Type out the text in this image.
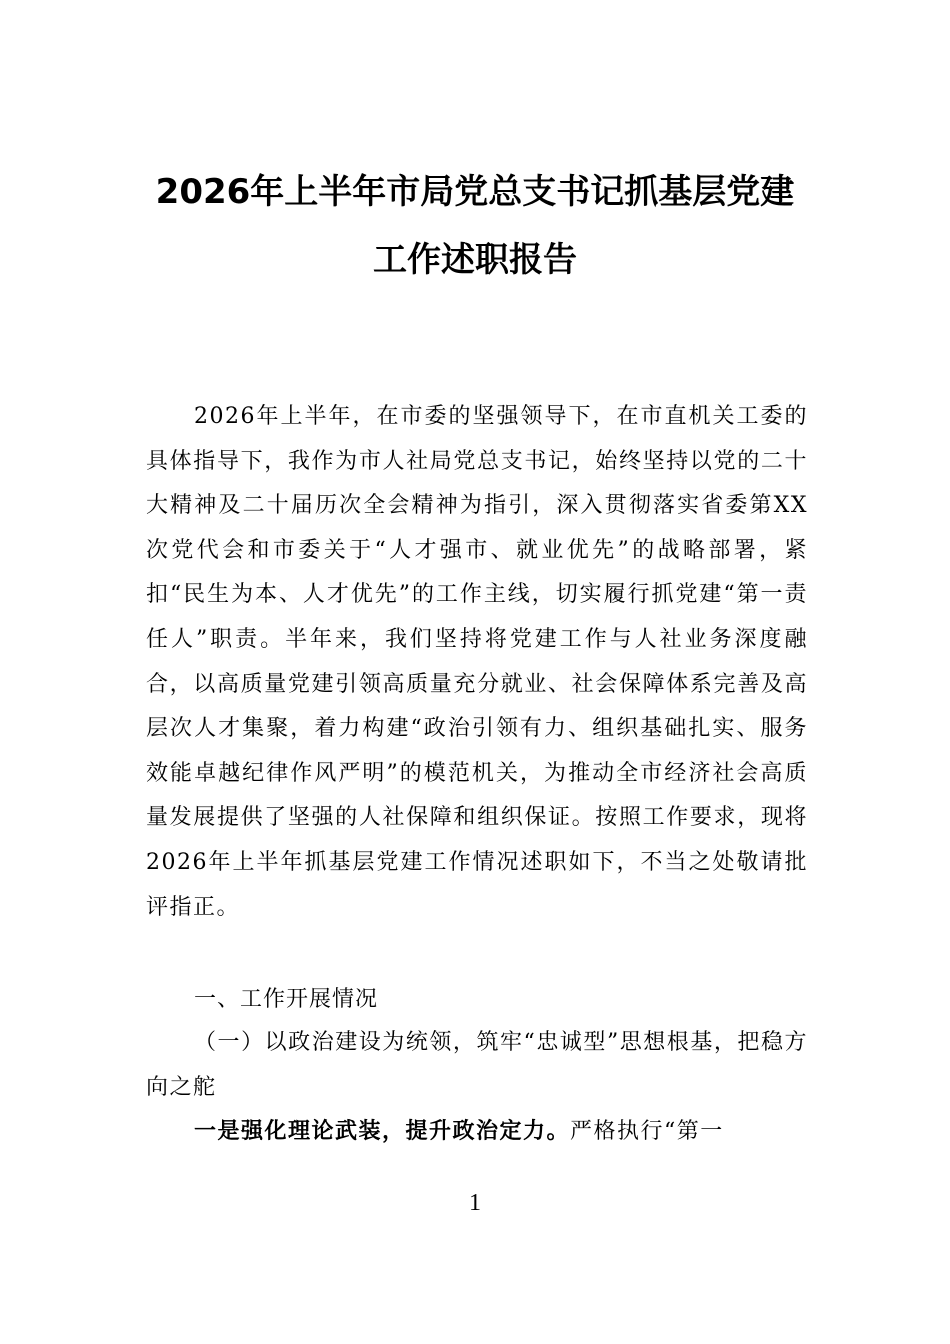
2026年上半年市局党总支书记抓基层党建
工作述职报告
2026年上半年，在市委的坚强领导下，在市直机关工委的具体指导下，我作为市人社局党总支书记，始终坚持以党的二十大精神及二十届历次全会精神为指引，深入贯彻落实省委第XX次党代会和市委关于“人才强市、就业优先”的战略部署，紧扣“民生为本、人才优先”的工作主线，切实履行抓党建“第一责任人”职责。半年来，我们坚持将党建工作与人社业务深度融合，以高质量党建引领高质量充分就业、社会保障体系完善及高层次人才集聚，着力构建“政治引领有力、组织基础扎实、服务效能卓越纪律作风严明”的模范机关，为推动全市经济社会高质量发展提供了坚强的人社保障和组织保证。按照工作要求，现将2026年上半年抓基层党建工作情况述职如下，不当之处敬请批评指正。
一、工作开展情况
（一）以政治建设为统领，筑牢“忠诚型”思想根基，把稳方向之舵
一是强化理论武装，提升政治定力。严格执行“第一
1
